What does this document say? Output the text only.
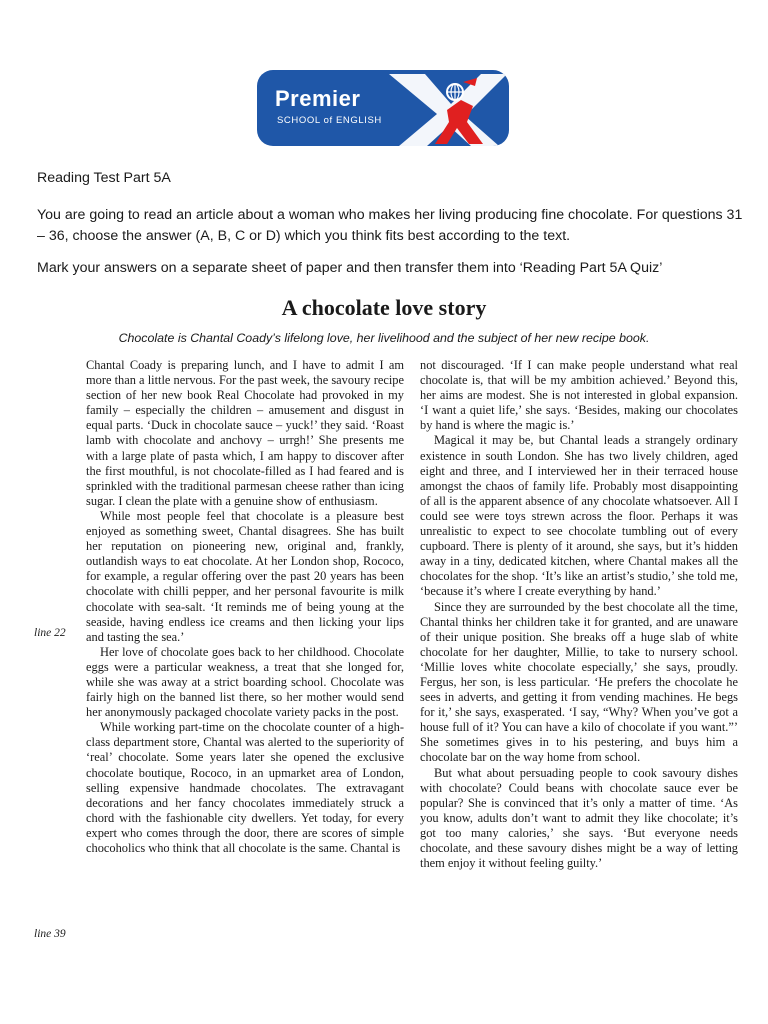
Premier
SCHOOL of ENGLISH
Reading Test Part 5A
You are going to read an article about a woman who makes her living producing fine chocolate. For questions 31 – 36, choose the answer (A, B, C or D) which you think fits best according to the text.
Mark your answers on a separate sheet of paper and then transfer them into ‘Reading Part 5A Quiz’
A chocolate love story
Chocolate is Chantal Coady’s lifelong love, her livelihood and the subject of her new recipe book.
line 22
line 39

Chantal Coady is preparing lunch, and I have to admit I am more than a little nervous. For the past week, the savoury recipe section of her new book Real Chocolate had provoked in my family – especially the children – amusement and disgust in equal parts. ‘Duck in chocolate sauce – yuck!’ they said. ‘Roast lamb with chocolate and anchovy – urrgh!’ She presents me with a large plate of pasta which, I am happy to discover after the first mouthful, is not chocolate-filled as I had feared and is sprinkled with the traditional parmesan cheese rather than icing sugar. I clean the plate with a genuine show of enthusiasm.

While most people feel that chocolate is a pleasure best enjoyed as something sweet, Chantal disagrees. She has built her reputation on pioneering new, original and, frankly, outlandish ways to eat chocolate. At her London shop, Rococo, for example, a regular offering over the past 20 years has been chocolate with chilli pepper, and her personal favourite is milk chocolate with sea-salt. ‘It reminds me of being young at the seaside, having endless ice creams and then licking your lips and tasting the sea.’

Her love of chocolate goes back to her childhood. Chocolate eggs were a particular weakness, a treat that she longed for, while she was away at a strict boarding school. Chocolate was fairly high on the banned list there, so her mother would send her anonymously packaged chocolate variety packs in the post.

While working part-time on the chocolate counter of a high-class department store, Chantal was alerted to the superiority of ‘real’ chocolate. Some years later she opened the exclusive chocolate boutique, Rococo, in an upmarket area of London, selling expensive handmade chocolates. The extravagant decorations and her fancy chocolates immediately struck a chord with the fashionable city dwellers. Yet today, for every expert who comes through the door, there are scores of simple chocoholics who think that all chocolate is the same. Chantal is

not discouraged. ‘If I can make people understand what real chocolate is, that will be my ambition achieved.’ Beyond this, her aims are modest. She is not interested in global expansion. ‘I want a quiet life,’ she says. ‘Besides, making our chocolates by hand is where the magic is.’

Magical it may be, but Chantal leads a strangely ordinary existence in south London. She has two lively children, aged eight and three, and I interviewed her in their terraced house amongst the chaos of family life. Probably most disappointing of all is the apparent absence of any chocolate whatsoever. All I could see were toys strewn across the floor. Perhaps it was unrealistic to expect to see chocolate tumbling out of every cupboard. There is plenty of it around, she says, but it’s hidden away in a tiny, dedicated kitchen, where Chantal makes all the chocolates for the shop. ‘It’s like an artist’s studio,’ she told me, ‘because it’s where I create everything by hand.’

Since they are surrounded by the best chocolate all the time, Chantal thinks her children take it for granted, and are unaware of their unique position. She breaks off a huge slab of white chocolate for her daughter, Millie, to take to nursery school. ‘Millie loves white chocolate especially,’ she says, proudly. Fergus, her son, is less particular. ‘He prefers the chocolate he sees in adverts, and getting it from vending machines. He begs for it,’ she says, exasperated. ‘I say, “Why? When you’ve got a house full of it? You can have a kilo of chocolate if you want.”’ She sometimes gives in to his pestering, and buys him a chocolate bar on the way home from school.

But what about persuading people to cook savoury dishes with chocolate? Could beans with chocolate sauce ever be popular? She is convinced that it’s only a matter of time. ‘As you know, adults don’t want to admit they like chocolate; it’s got too many calories,’ she says. ‘But everyone needs chocolate, and these savoury dishes might be a way of letting them enjoy it without feeling guilty.’
